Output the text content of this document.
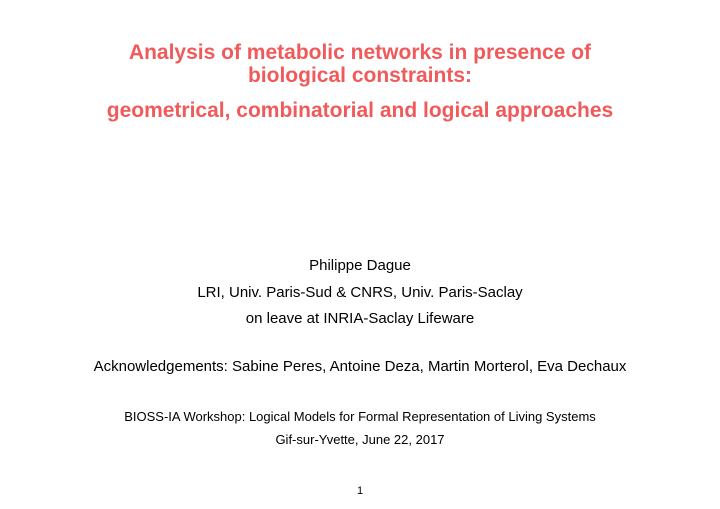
Analysis of metabolic networks in presence of
biological constraints:
geometrical, combinatorial and logical approaches
Philippe Dague
LRI, Univ. Paris-Sud & CNRS, Univ. Paris-Saclay
on leave at INRIA-Saclay Lifeware
Acknowledgements: Sabine Peres, Antoine Deza, Martin Morterol, Eva Dechaux
BIOSS-IA Workshop: Logical Models for Formal Representation of Living Systems
Gif-sur-Yvette, June 22, 2017
1
